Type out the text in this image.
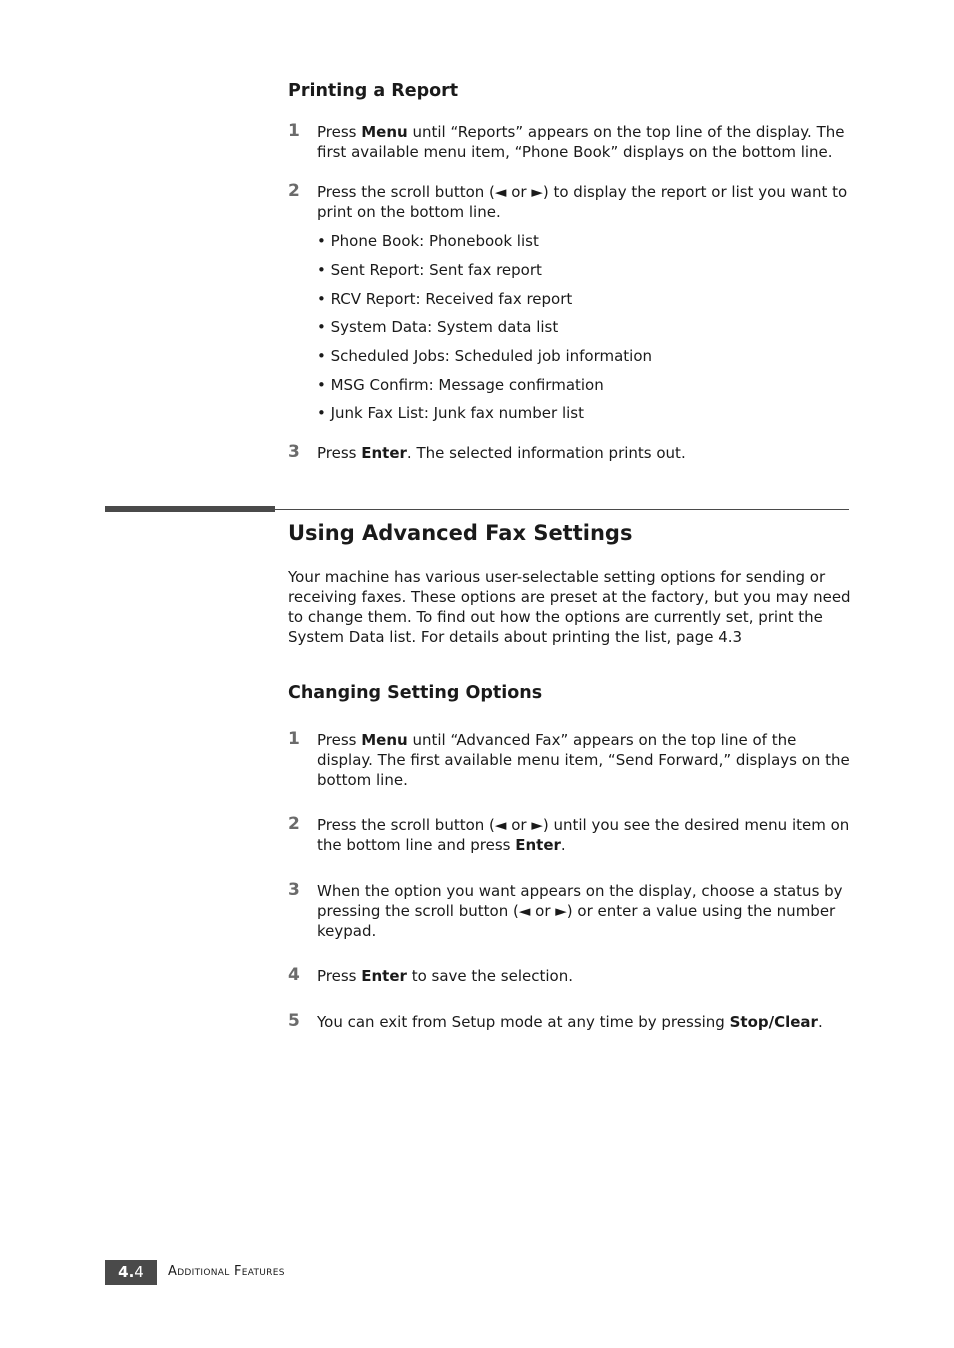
Printing a Report
1 Press Menu until “Reports” appears on the top line of the display. The first available menu item, “Phone Book” displays on the bottom line.
2 Press the scroll button (◄ or ►) to display the report or list you want to print on the bottom line.
• Phone Book: Phonebook list
• Sent Report: Sent fax report
• RCV Report: Received fax report
• System Data: System data list
• Scheduled Jobs: Scheduled job information
• MSG Confirm: Message confirmation
• Junk Fax List: Junk fax number list
3 Press Enter. The selected information prints out.
Using Advanced Fax Settings
Your machine has various user-selectable setting options for sending or receiving faxes. These options are preset at the factory, but you may need to change them. To find out how the options are currently set, print the System Data list. For details about printing the list, page 4.3
Changing Setting Options
1 Press Menu until “Advanced Fax” appears on the top line of the display. The first available menu item, “Send Forward,” displays on the bottom line.
2 Press the scroll button (◄ or ►) until you see the desired menu item on the bottom line and press Enter.
3 When the option you want appears on the display, choose a status by pressing the scroll button (◄ or ►) or enter a value using the number keypad.
4 Press Enter to save the selection.
5 You can exit from Setup mode at any time by pressing Stop/Clear.
4.4	Additional Features
